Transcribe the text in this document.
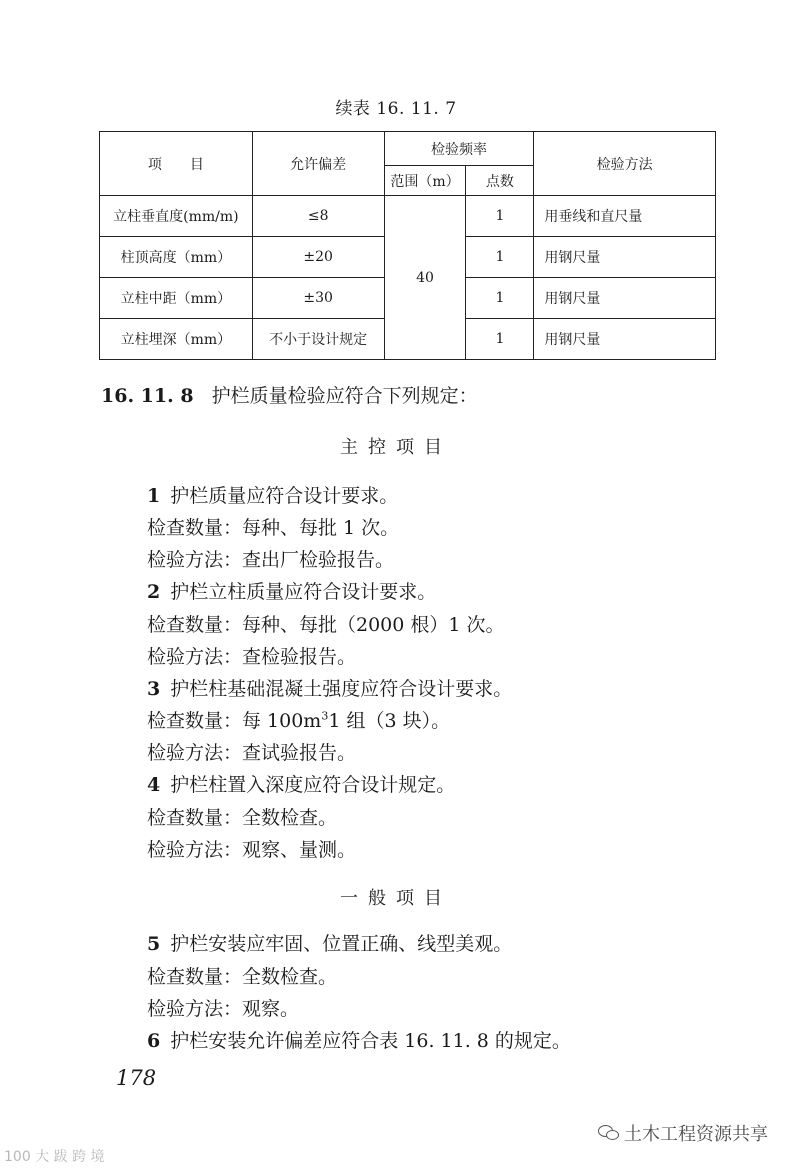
续表 16. 11. 7
项　　目	允许偏差	检验频率		检验方法
		范围（m）	点数	
立柱垂直度(mm/m)	≤8	40	1	用垂线和直尺量
柱顶高度（mm）	±20		1	用钢尺量
立柱中距（mm）	±30		1	用钢尺量
立柱埋深（mm）	不小于设计规定		1	用钢尺量
16. 11. 8 护栏质量检验应符合下列规定：
主控项目
1 护栏质量应符合设计要求。
检查数量：每种、每批 1 次。
检验方法：查出厂检验报告。
2 护栏立柱质量应符合设计要求。
检查数量：每种、每批（2000 根）1 次。
检验方法：查检验报告。
3 护栏柱基础混凝土强度应符合设计要求。
检查数量：每 $100m^31$ 组（3 块）。
检验方法：查试验报告。
4 护栏柱置入深度应符合设计规定。
检查数量：全数检查。
检验方法：观察、量测。
一般项目
5 护栏安装应牢固、位置正确、线型美观。
检查数量：全数检查。
检验方法：观察。
6 护栏安装允许偏差应符合表 16. 11. 8 的规定。
178
100 大 跋 跨 境
土木工程资源共享
